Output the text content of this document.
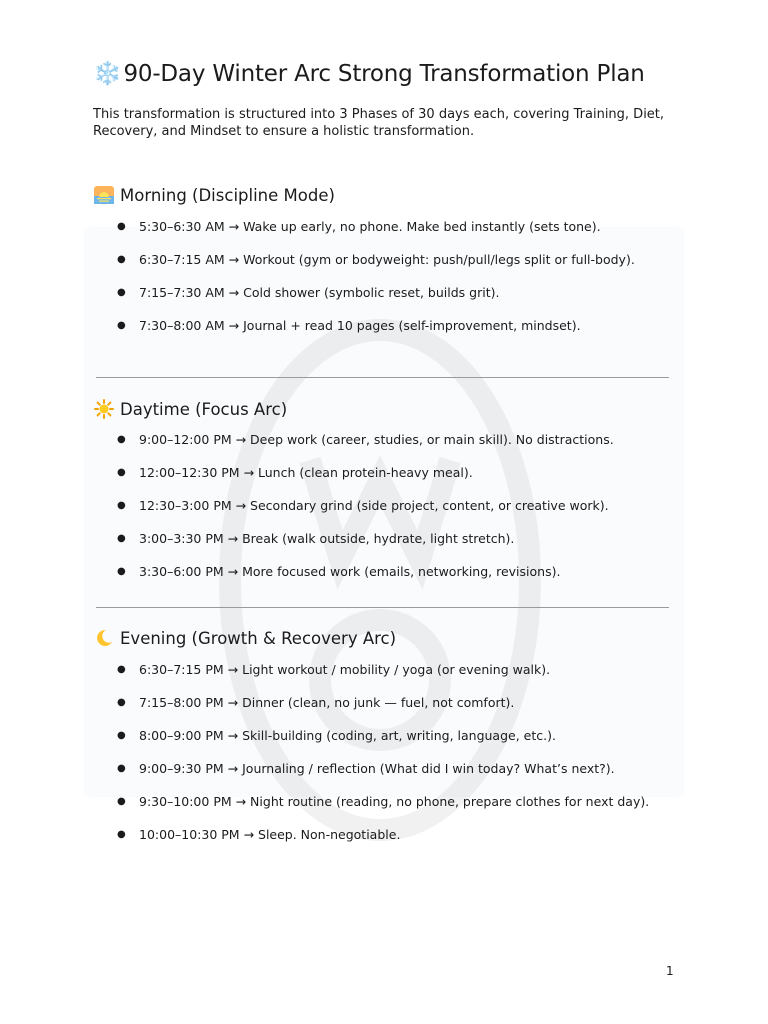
❄️90-Day Winter Arc Strong Transformation Plan

This transformation is structured into 3 Phases of 30 days each, covering Training, Diet, Recovery, and Mindset to ensure a holistic transformation.

Morning (Discipline Mode)
● 5:30–6:30 AM → Wake up early, no phone. Make bed instantly (sets tone).
● 6:30–7:15 AM → Workout (gym or bodyweight: push/pull/legs split or full-body).
● 7:15–7:30 AM → Cold shower (symbolic reset, builds grit).
● 7:30–8:00 AM → Journal + read 10 pages (self-improvement, mindset).
Daytime (Focus Arc)
● 9:00–12:00 PM → Deep work (career, studies, or main skill). No distractions.
● 12:00–12:30 PM → Lunch (clean protein-heavy meal).
● 12:30–3:00 PM → Secondary grind (side project, content, or creative work).
● 3:00–3:30 PM → Break (walk outside, hydrate, light stretch).
● 3:30–6:00 PM → More focused work (emails, networking, revisions).
Evening (Growth & Recovery Arc)
● 6:30–7:15 PM → Light workout / mobility / yoga (or evening walk).
● 7:15–8:00 PM → Dinner (clean, no junk — fuel, not comfort).
● 8:00–9:00 PM → Skill-building (coding, art, writing, language, etc.).
● 9:00–9:30 PM → Journaling / reflection (What did I win today? What’s next?).
● 9:30–10:00 PM → Night routine (reading, no phone, prepare clothes for next day).
● 10:00–10:30 PM → Sleep. Non-negotiable.
1
